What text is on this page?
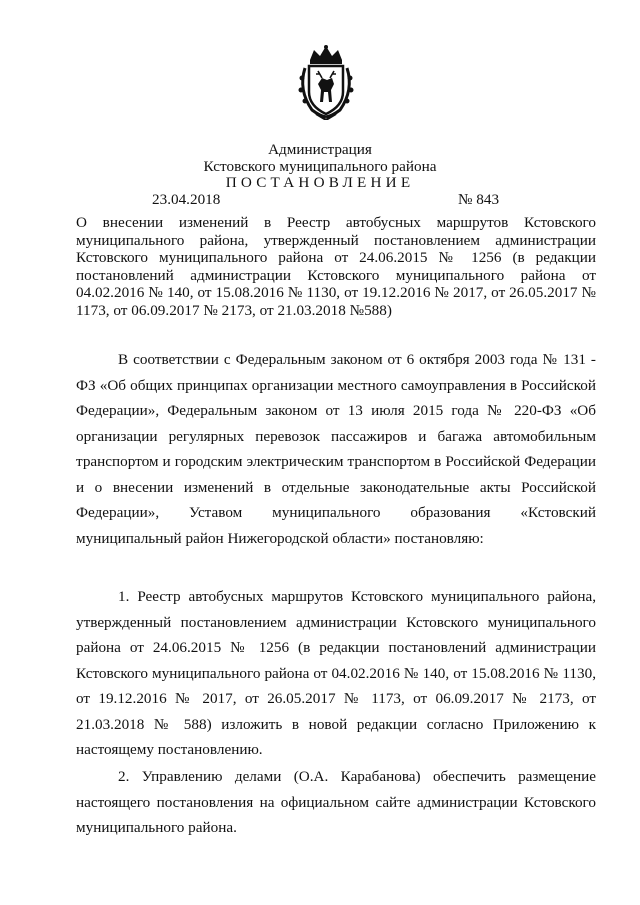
Администрация
Кстовского муниципального района
ПОСТАНОВЛЕНИЕ
23.04.2018	№ 843
О внесении изменений в Реестр автобусных маршрутов Кстовского муниципального района, утвержденный постановлением администрации Кстовского муниципального района от 24.06.2015 № 1256 (в редакции постановлений администрации Кстовского муниципального района от 04.02.2016 № 140, от 15.08.2016 № 1130, от 19.12.2016 № 2017, от 26.05.2017 № 1173, от 06.09.2017 № 2173, от 21.03.2018 №588)
В соответствии с Федеральным законом от 6 октября 2003 года № 131 - ФЗ «Об общих принципах организации местного самоуправления в Российской Федерации», Федеральным законом от 13 июля 2015 года № 220-ФЗ «Об организации регулярных перевозок пассажиров и багажа автомобильным транспортом и городским электрическим транспортом в Российской Федерации и о внесении изменений в отдельные законодательные акты Российской Федерации», Уставом муниципального образования «Кстовский муниципальный район Нижегородской области» постановляю:
1. Реестр автобусных маршрутов Кстовского муниципального района, утвержденный постановлением администрации Кстовского муниципального района от 24.06.2015 № 1256 (в редакции постановлений администрации Кстовского муниципального района от 04.02.2016 № 140, от 15.08.2016 № 1130, от 19.12.2016 № 2017, от 26.05.2017 № 1173, от 06.09.2017 № 2173, от 21.03.2018 № 588) изложить в новой редакции согласно Приложению к настоящему постановлению.
2. Управлению делами (О.А. Карабанова) обеспечить размещение настоящего постановления на официальном сайте администрации Кстовского муниципального района.
